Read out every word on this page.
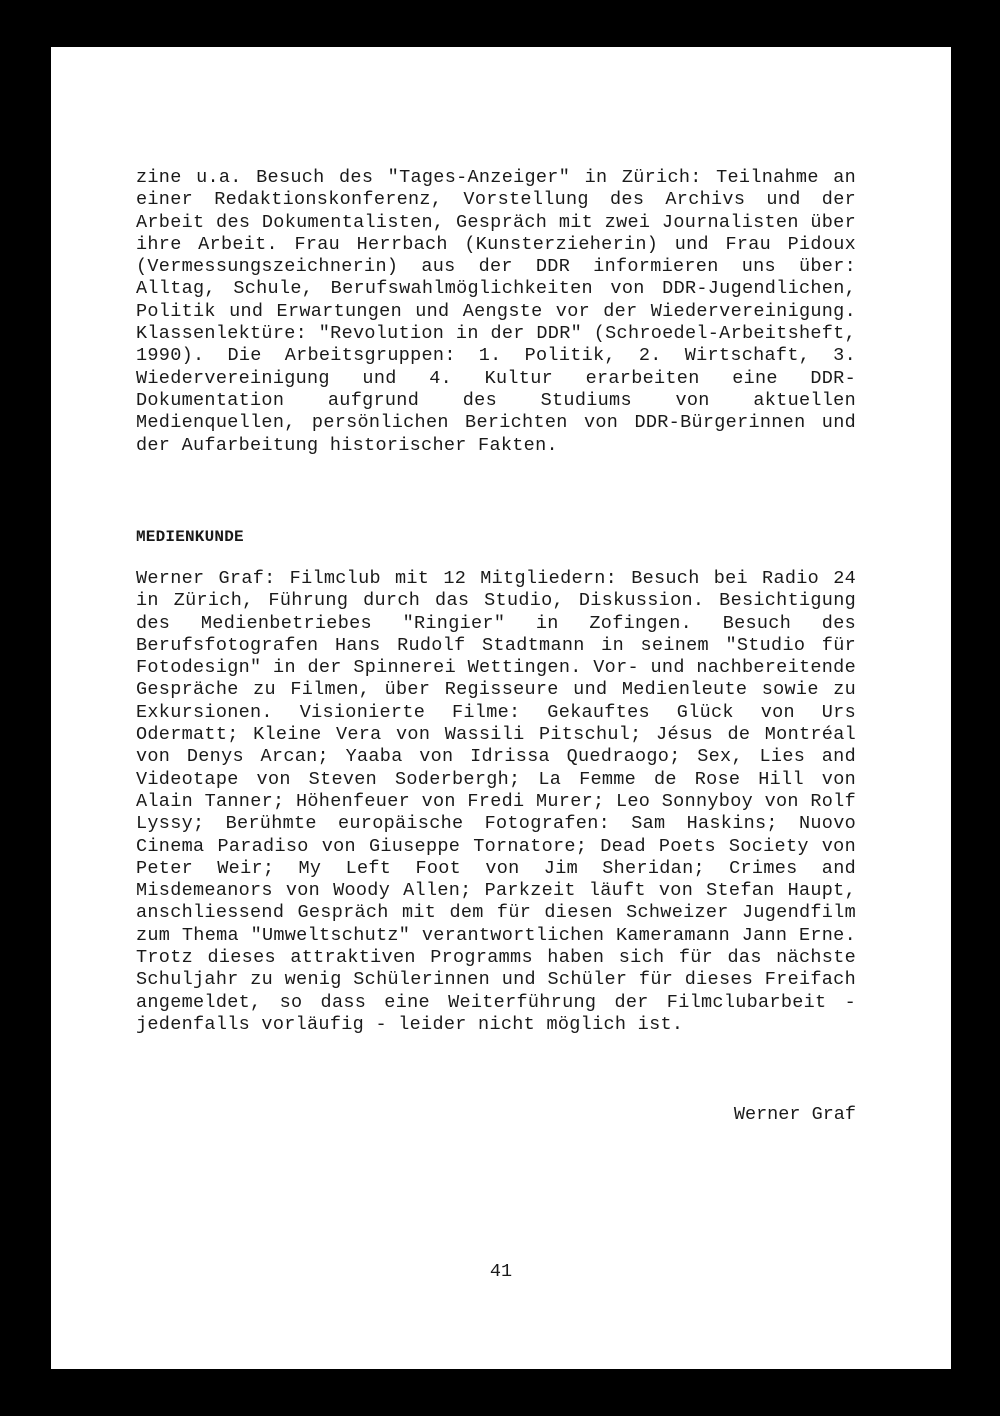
zine u.a. Besuch des "Tages-Anzeiger" in Zürich: Teilnahme an einer Redaktionskonferenz, Vorstellung des Archivs und der Arbeit des Dokumentalisten, Gespräch mit zwei Journalisten über ihre Arbeit. Frau Herrbach (Kunsterzieherin) und Frau Pidoux (Vermessungszeichnerin) aus der DDR informieren uns über: Alltag, Schule, Berufswahlmöglichkeiten von DDR-Jugendlichen, Politik und Erwartungen und Aengste vor der Wiedervereinigung. Klassenlektüre: "Revolution in der DDR" (Schroedel-Arbeitsheft, 1990). Die Arbeitsgruppen: 1. Politik, 2. Wirtschaft, 3. Wiedervereinigung und 4. Kultur erarbeiten eine DDR-Dokumentation aufgrund des Studiums von aktuellen Medienquellen, persönlichen Berichten von DDR-Bürgerinnen und der Aufarbeitung historischer Fakten.
MEDIENKUNDE
Werner Graf: Filmclub mit 12 Mitgliedern: Besuch bei Radio 24 in Zürich, Führung durch das Studio, Diskussion. Besichtigung des Medienbetriebes "Ringier" in Zofingen. Besuch des Berufsfotografen Hans Rudolf Stadtmann in seinem "Studio für Fotodesign" in der Spinnerei Wettingen. Vor- und nachbereitende Gespräche zu Filmen, über Regisseure und Medienleute sowie zu Exkursionen. Visionierte Filme: Gekauftes Glück von Urs Odermatt; Kleine Vera von Wassili Pitschul; Jésus de Montréal von Denys Arcan; Yaaba von Idrissa Quedraogo; Sex, Lies and Videotape von Steven Soderbergh; La Femme de Rose Hill von Alain Tanner; Höhenfeuer von Fredi Murer; Leo Sonnyboy von Rolf Lyssy; Berühmte europäische Fotografen: Sam Haskins; Nuovo Cinema Paradiso von Giuseppe Tornatore; Dead Poets Society von Peter Weir; My Left Foot von Jim Sheridan; Crimes and Misdemeanors von Woody Allen; Parkzeit läuft von Stefan Haupt, anschliessend Gespräch mit dem für diesen Schweizer Jugendfilm zum Thema "Umweltschutz" verantwortlichen Kameramann Jann Erne. Trotz dieses attraktiven Programms haben sich für das nächste Schuljahr zu wenig Schülerinnen und Schüler für dieses Freifach angemeldet, so dass eine Weiterführung der Filmclubarbeit - jedenfalls vorläufig - leider nicht möglich ist.
Werner Graf
41
